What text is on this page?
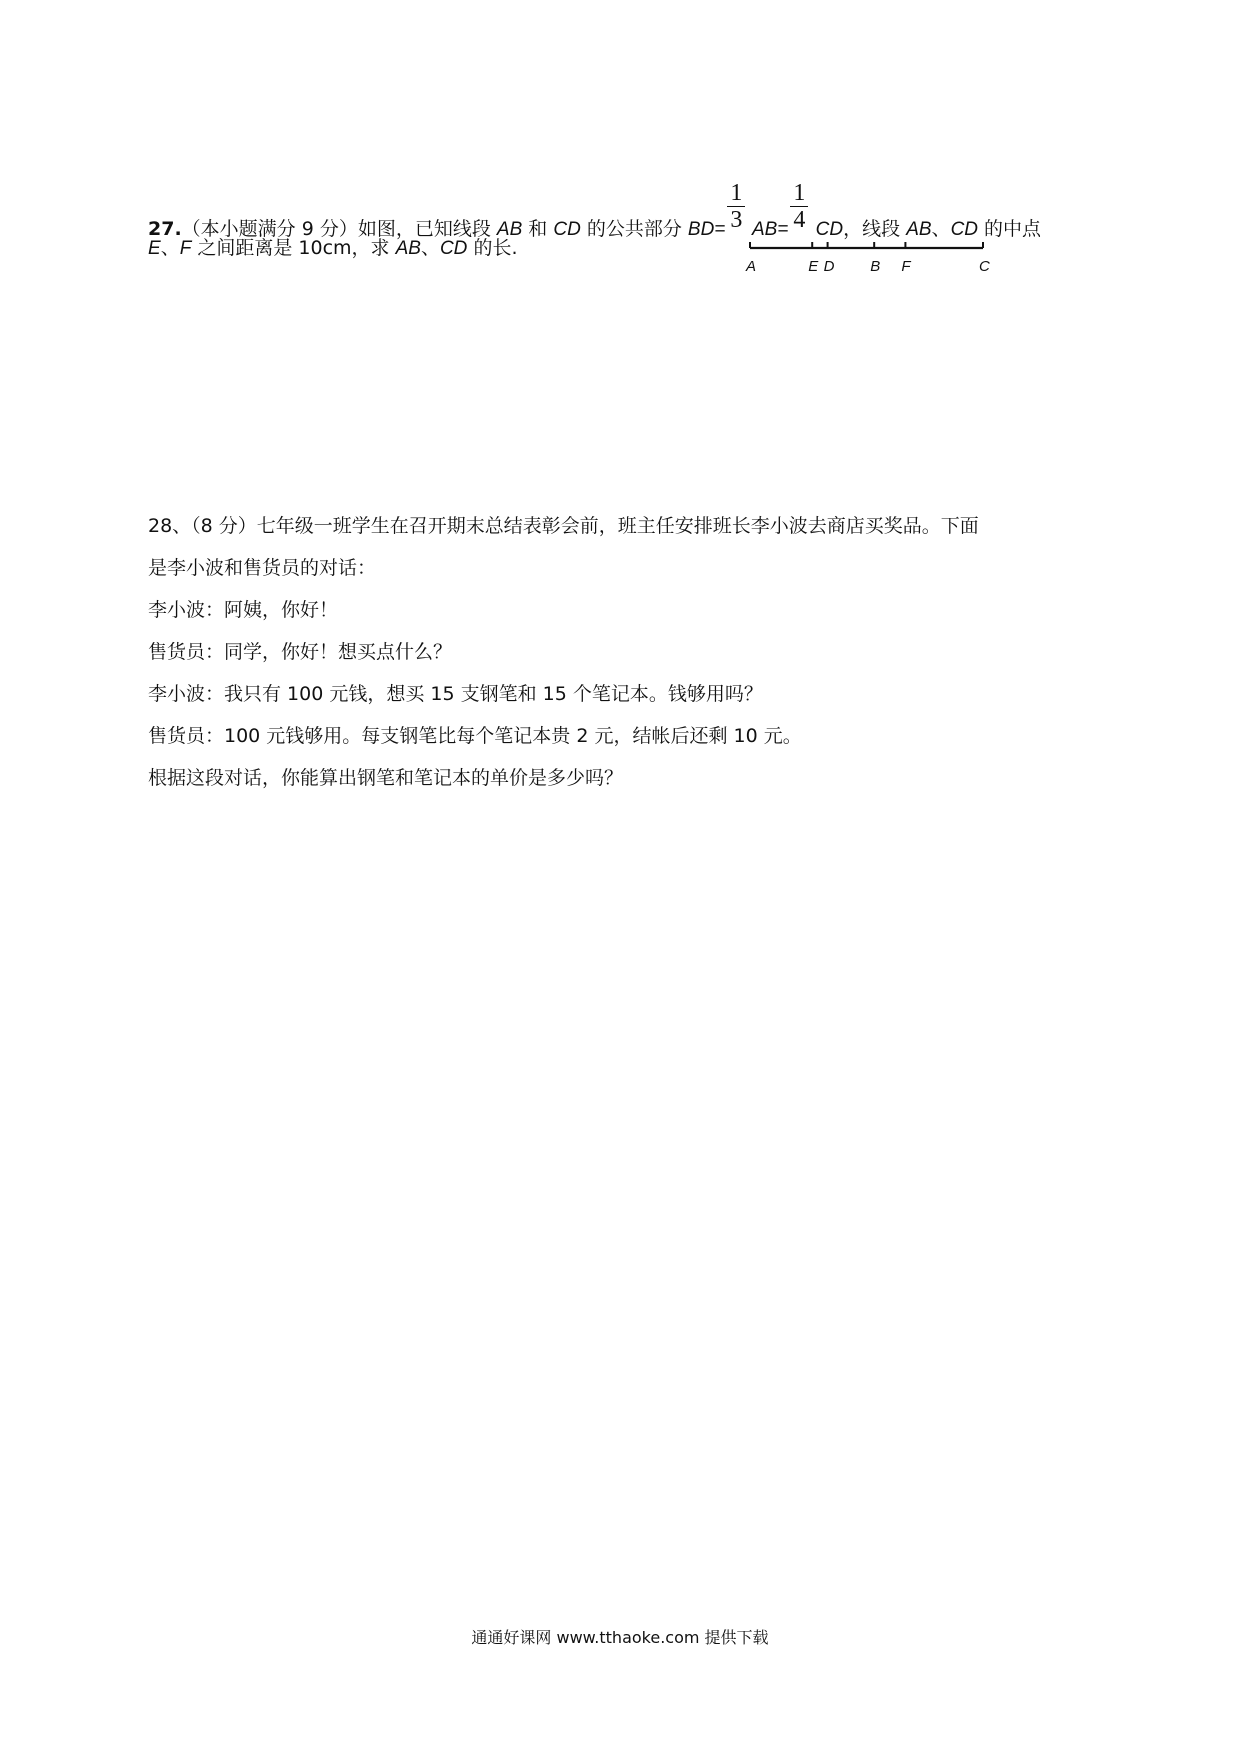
27.（本小题满分 9 分）如图，已知线段 AB 和 CD 的公共部分 $BD= \frac{1}{3} AB= \frac{1}{4}$ CD，线段 AB、CD 的中点
E、F 之间距离是 10cm，求 AB、CD 的长.
A	E D B F	C

28、（8 分）七年级一班学生在召开期末总结表彰会前，班主任安排班长李小波去商店买奖品。下面

是李小波和售货员的对话：

李小波：阿姨，你好！

售货员：同学，你好！想买点什么？

李小波：我只有 100 元钱，想买 15 支钢笔和 15 个笔记本。钱够用吗？

售货员：100 元钱够用。每支钢笔比每个笔记本贵 2 元，结帐后还剩 10 元。

根据这段对话，你能算出钢笔和笔记本的单价是多少吗？

通通好课网 www.tthaoke.com 提供下载
